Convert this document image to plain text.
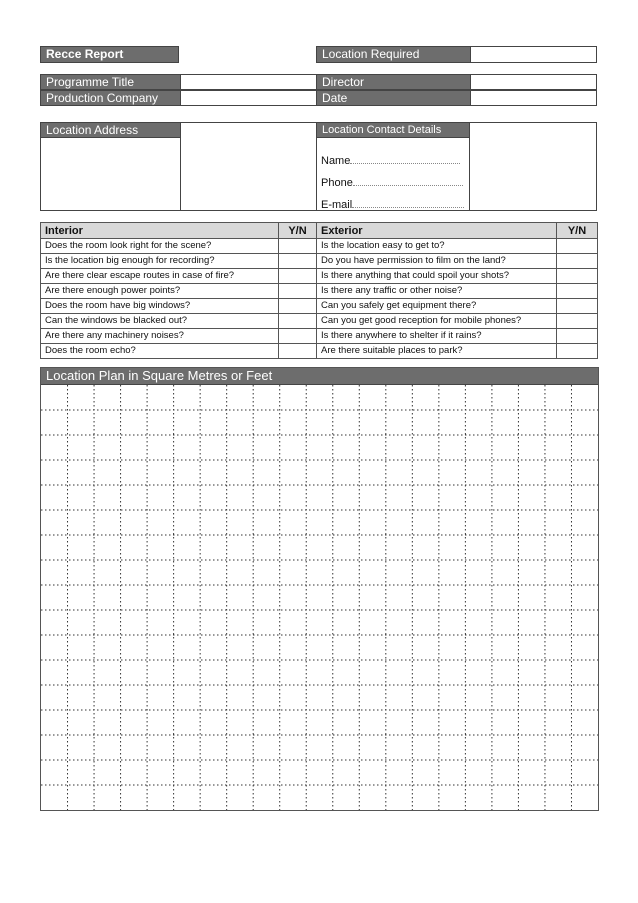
Recce Report	Location Required
Programme Title	Director
Production Company	Date
Location Address	Location Contact Details
Name
Phone
E-mail
Interior	Y/N	Exterior	Y/N
Does the room look right for the scene?		Is the location easy to get to?	
Is the location big enough for recording?		Do you have permission to film on the land?	
Are there clear escape routes in case of fire?		Is there anything that could spoil your shots?	
Are there enough power points?		Is there any traffic or other noise?	
Does the room have big windows?		Can you safely get equipment there?	
Can the windows be blacked out?		Can you get good reception for mobile phones?	
Are there any machinery noises?		Is there anywhere to shelter if it rains?	
Does the room echo?		Are there suitable places to park?	
Location Plan in Square Metres or Feet
